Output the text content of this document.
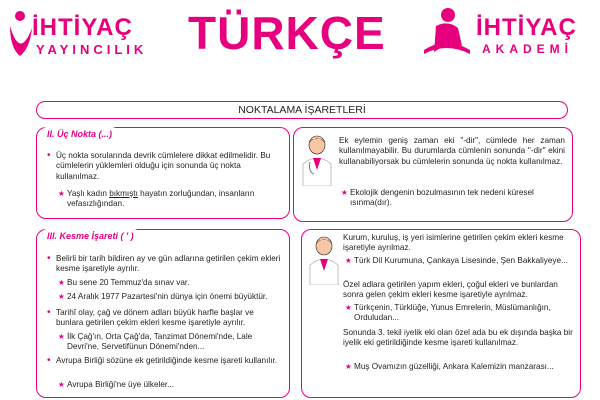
İHTİYAÇ
YAYINCILIK TÜRKÇE	İHTİYAÇ
AKADEMİ
NOKTALAMA İŞARETLERİ
II. Üç Nokta (...)
• Üç nokta sorularında devrik cümlelere dikkat edilmelidir. Bu cümlelerin yüklemleri olduğu için sonunda üç nokta kullanılmaz.
★ Yaşlı kadın bıkmıştı hayatın zorluğundan, insanların vefasızlığından.
III. Kesme İşareti ( ' )
• Belirli bir tarih bildiren ay ve gün adlarına getirilen çekim ekleri kesme işaretiyle ayrılır.
★ Bu sene 20 Temmuz'da sınav var.
★ 24 Aralık 1977 Pazartesi'nin dünya için önemi büyüktür.
• Tarihî olay, çağ ve dönem adları büyük harfle başlar ve bunlara getirilen çekim ekleri kesme işaretiyle ayrılır.
★ İlk Çağ'ın, Orta Çağ'da, Tanzimat Dönemi'nde, Lale Devri'ne, Servetifünun Dönemi'nden...
• Avrupa Birliği sözüne ek getirildiğinde kesme işareti kullanılır.
★ Avrupa Birliği'ne üye ülkeler...
Ek eylemin geniş zaman eki "-dir", cümlede her zaman kullanılmayabilir. Bu durumlarda cümlenin sonunda "-dir" ekini kullanabiliyorsak bu cümlelerin sonunda üç nokta kullanılmaz.
★ Ekolojik dengenin bozulmasının tek nedeni küresel ısınma(dır).
Kurum, kuruluş, iş yeri isimlerine getirilen çekim ekleri kesme işaretiyle ayrılmaz.
★ Türk Dil Kurumuna, Çankaya Lisesinde, Şen Bakkaliyeye...
Özel adlara getirilen yapım ekleri, çoğul ekleri ve bunlardan sonra gelen çekim ekleri kesme işaretiyle ayrılmaz.
★ Türkçenin, Türklüğe, Yunus Emrelerin, Müslümanlığın, Orduludan...
Sonunda 3. tekil iyelik eki olan özel ada bu ek dışında başka bir iyelik eki getirildiğinde kesme işareti kullanılmaz.
★ Muş Ovamızın güzelliği, Ankara Kalemizin manzarası...
